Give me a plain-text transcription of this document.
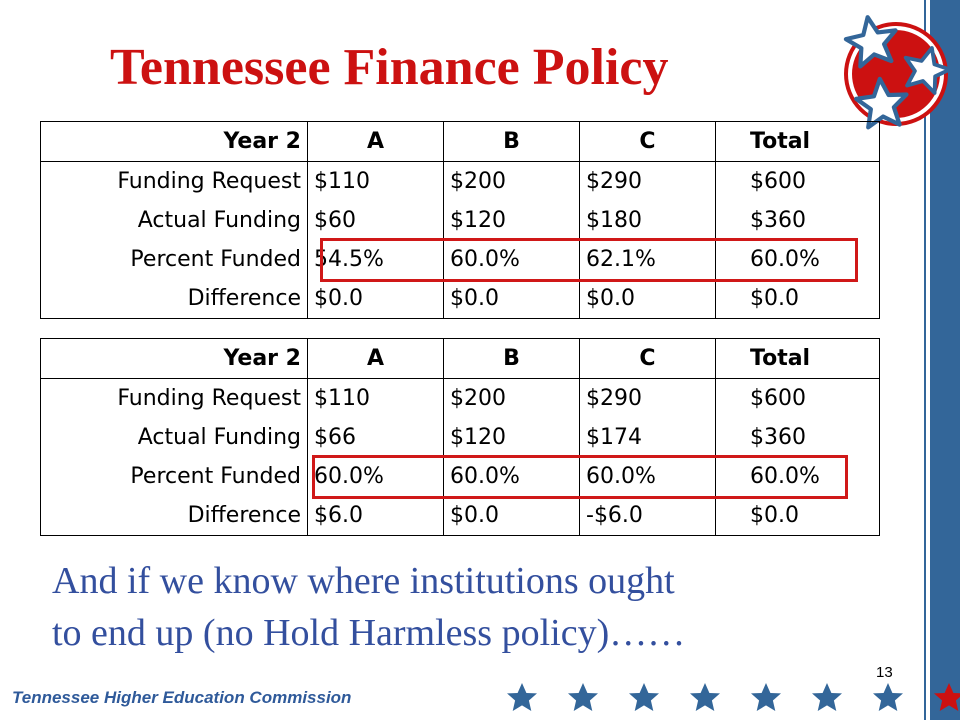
Tennessee Finance Policy
Year 2	A	B	C	Total
Funding Request	$110	$200	$290	$600
Actual Funding	$60	$120	$180	$360
Percent Funded	54.5%	60.0%	62.1%	60.0%
Difference	$0.0	$0.0	$0.0	$0.0
Year 2	A	B	C	Total
Funding Request	$110	$200	$290	$600
Actual Funding	$66	$120	$174	$360
Percent Funded	60.0%	60.0%	60.0%	60.0%
Difference	$6.0	$0.0	-$6.0	$0.0
And if we know where institutions ought
to end up (no Hold Harmless policy)……
13
Tennessee Higher Education Commission
